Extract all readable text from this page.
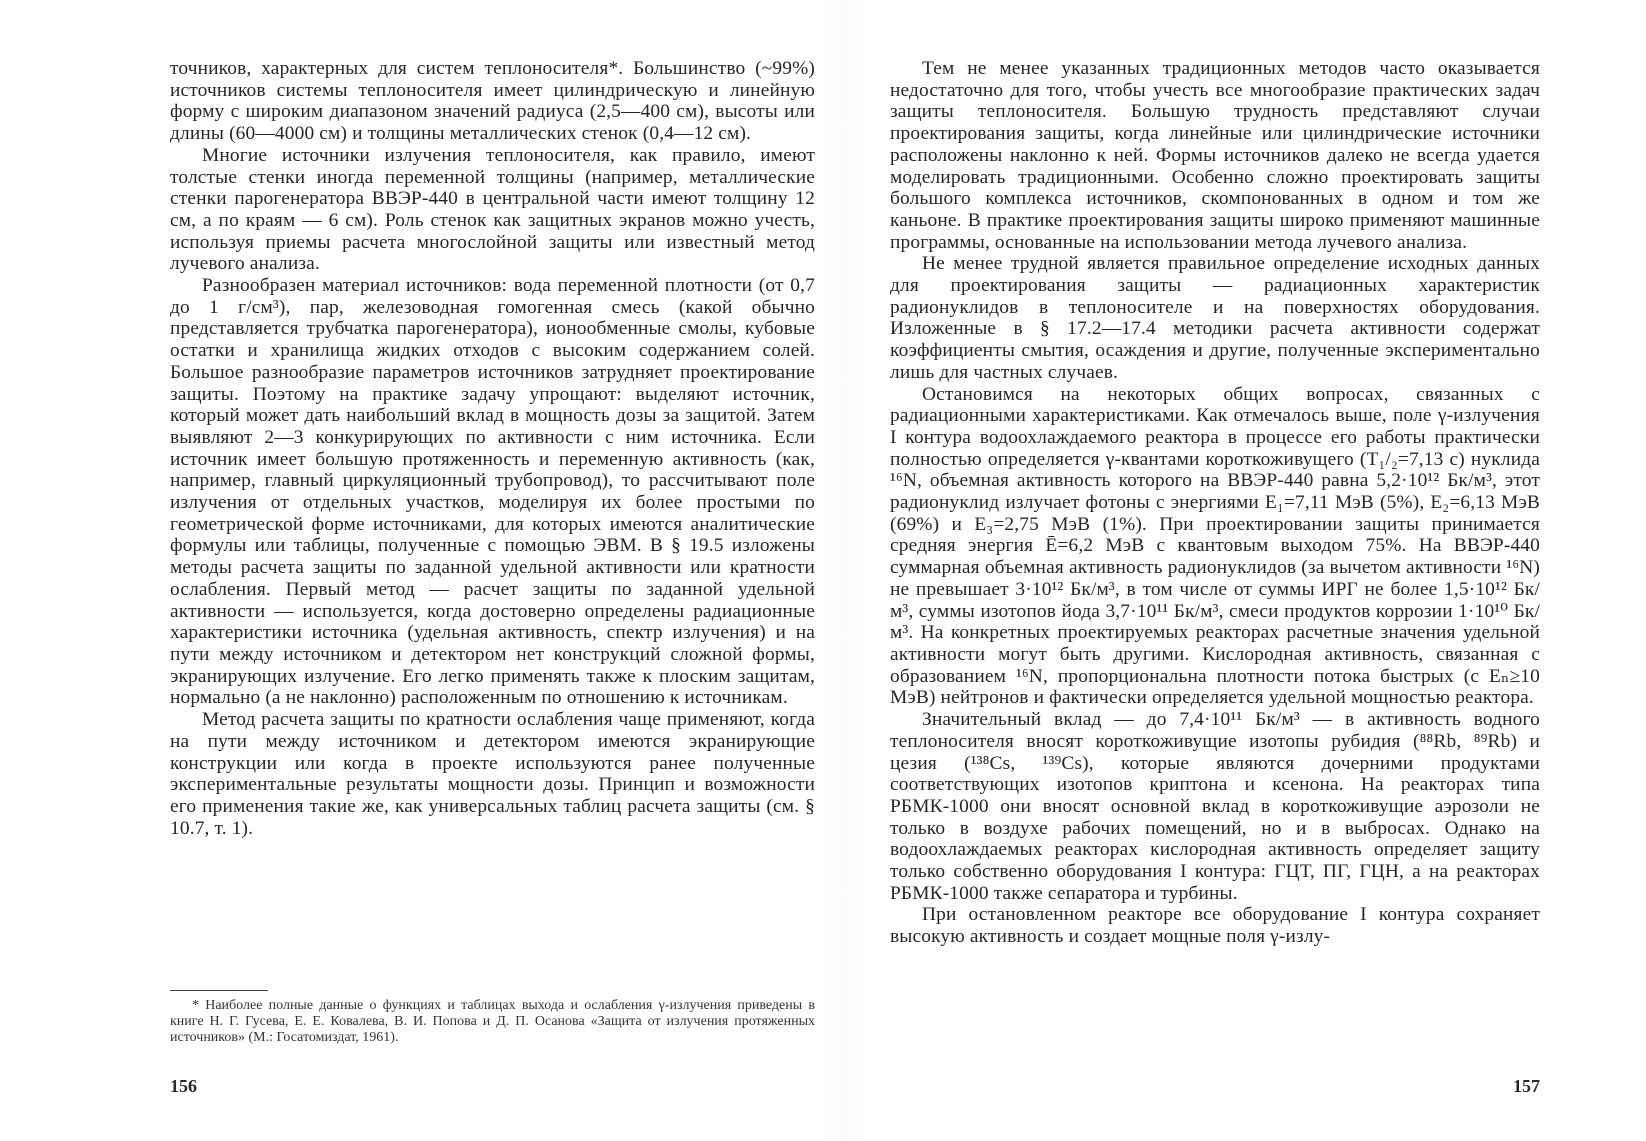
точников, характерных для систем теплоносителя*. Большинство (~99%) источников системы теплоносителя имеет цилиндрическую и линейную форму с широким диапазоном значений радиуса (2,5—400 см), высоты или длины (60—4000 см) и толщины металлических стенок (0,4—12 см).

Многие источники излучения теплоносителя, как правило, имеют толстые стенки иногда переменной толщины (например, металлические стенки парогенератора ВВЭР-440 в центральной части имеют толщину 12 см, а по краям — 6 см). Роль стенок как защитных экранов можно учесть, используя приемы расчета многослойной защиты или известный метод лучевого анализа.

Разнообразен материал источников: вода переменной плотности (от 0,7 до 1 г/см³), пар, железоводная гомогенная смесь (какой обычно представляется трубчатка парогенератора), ионообменные смолы, кубовые остатки и хранилища жидких отходов с высоким содержанием солей. Большое разнообразие параметров источников затрудняет проектирование защиты. Поэтому на практике задачу упрощают: выделяют источник, который может дать наибольший вклад в мощность дозы за защитой. Затем выявляют 2—3 конкурирующих по активности с ним источника. Если источник имеет большую протяженность и переменную активность (как, например, главный циркуляционный трубопровод), то рассчитывают поле излучения от отдельных участков, моделируя их более простыми по геометрической форме источниками, для которых имеются аналитические формулы или таблицы, полученные с помощью ЭВМ. В § 19.5 изложены методы расчета защиты по заданной удельной активности или кратности ослабления. Первый метод — расчет защиты по заданной удельной активности — используется, когда достоверно определены радиационные характеристики источника (удельная активность, спектр излучения) и на пути между источником и детектором нет конструкций сложной формы, экранирующих излучение. Его легко применять также к плоским защитам, нормально (а не наклонно) расположенным по отношению к источникам.

Метод расчета защиты по кратности ослабления чаще применяют, когда на пути между источником и детектором имеются экранирующие конструкции или когда в проекте используются ранее полученные экспериментальные результаты мощности дозы. Принцип и возможности его применения такие же, как универсальных таблиц расчета защиты (см. § 10.7, т. 1).

* Наиболее полные данные о функциях и таблицах выхода и ослабления γ-излучения приведены в книге Н. Г. Гусева, Е. Е. Ковалева, В. И. Попова и Д. П. Осанова «Защита от излучения протяженных источников» (М.: Госатомиздат, 1961).

156

Тем не менее указанных традиционных методов часто оказывается недостаточно для того, чтобы учесть все многообразие практических задач защиты теплоносителя. Большую трудность представляют случаи проектирования защиты, когда линейные или цилиндрические источники расположены наклонно к ней. Формы источников далеко не всегда удается моделировать традиционными. Особенно сложно проектировать защиты большого комплекса источников, скомпонованных в одном и том же каньоне. В практике проектирования защиты широко применяют машинные программы, основанные на использовании метода лучевого анализа.

Не менее трудной является правильное определение исходных данных для проектирования защиты — радиационных характеристик радионуклидов в теплоносителе и на поверхностях оборудования. Изложенные в § 17.2—17.4 методики расчета активности содержат коэффициенты смытия, осаждения и другие, полученные экспериментально лишь для частных случаев.

Остановимся на некоторых общих вопросах, связанных с радиационными характеристиками. Как отмечалось выше, поле γ-излучения I контура водоохлаждаемого реактора в процессе его работы практически полностью определяется γ-квантами короткоживущего (T₁/₂=7,13 с) нуклида ¹⁶N, объемная активность которого на ВВЭР-440 равна 5,2·10¹² Бк/м³, этот радионуклид излучает фотоны с энергиями E₁=7,11 МэВ (5%), E₂=6,13 МэВ (69%) и E₃=2,75 МэВ (1%). При проектировании защиты принимается средняя энергия Ē=6,2 МэВ с квантовым выходом 75%. На ВВЭР-440 суммарная объемная активность радионуклидов (за вычетом активности ¹⁶N) не превышает 3·10¹² Бк/м³, в том числе от суммы ИРГ не более 1,5·10¹² Бк/м³, суммы изотопов йода 3,7·10¹¹ Бк/м³, смеси продуктов коррозии 1·10¹⁰ Бк/м³. На конкретных проектируемых реакторах расчетные значения удельной активности могут быть другими. Кислородная активность, связанная с образованием ¹⁶N, пропорциональна плотности потока быстрых (с Eₙ≥10 МэВ) нейтронов и фактически определяется удельной мощностью реактора.

Значительный вклад — до 7,4·10¹¹ Бк/м³ — в активность водного теплоносителя вносят короткоживущие изотопы рубидия (⁸⁸Rb, ⁸⁹Rb) и цезия (¹³⁸Cs, ¹³⁹Cs), которые являются дочерними продуктами соответствующих изотопов криптона и ксенона. На реакторах типа РБМК-1000 они вносят основной вклад в короткоживущие аэрозоли не только в воздухе рабочих помещений, но и в выбросах. Однако на водоохлаждаемых реакторах кислородная активность определяет защиту только собственно оборудования I контура: ГЦТ, ПГ, ГЦН, а на реакторах РБМК-1000 также сепаратора и турбины.

При остановленном реакторе все оборудование I контура сохраняет высокую активность и создает мощные поля γ-излу-

157
